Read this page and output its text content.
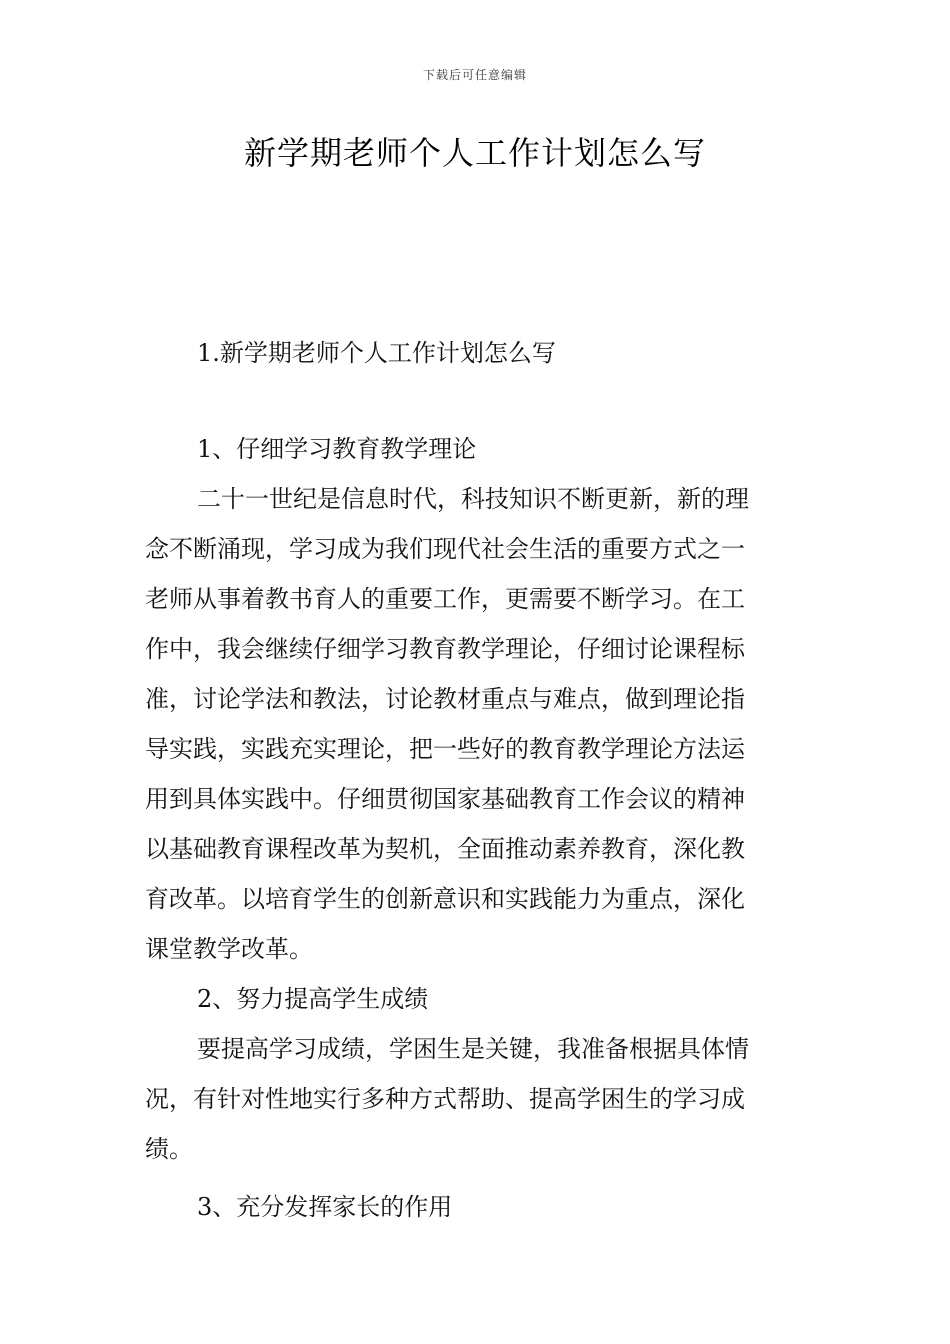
下载后可任意编辑
新学期老师个人工作计划怎么写
1.新学期老师个人工作计划怎么写
1、仔细学习教育教学理论
二十一世纪是信息时代，科技知识不断更新，新的理
念不断涌现，学习成为我们现代社会生活的重要方式之一
老师从事着教书育人的重要工作，更需要不断学习。在工
作中，我会继续仔细学习教育教学理论，仔细讨论课程标
准，讨论学法和教法，讨论教材重点与难点，做到理论指
导实践，实践充实理论，把一些好的教育教学理论方法运
用到具体实践中。仔细贯彻国家基础教育工作会议的精神
以基础教育课程改革为契机，全面推动素养教育，深化教
育改革。以培育学生的创新意识和实践能力为重点，深化
课堂教学改革。
2、努力提高学生成绩
要提高学习成绩，学困生是关键，我准备根据具体情
况，有针对性地实行多种方式帮助、提高学困生的学习成
绩。
3、充分发挥家长的作用
